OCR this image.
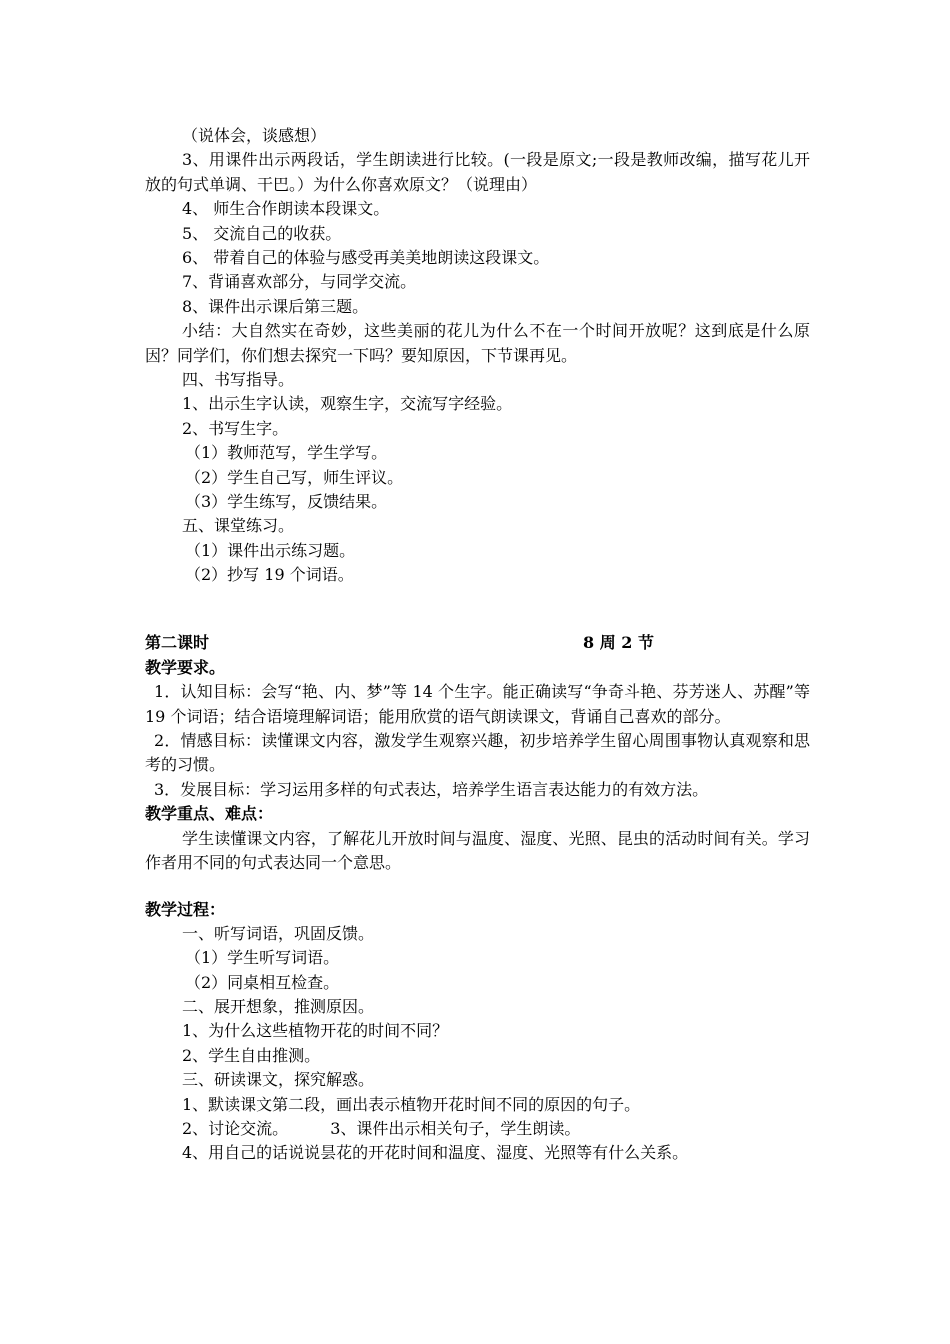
（说体会，谈感想）
3、用课件出示两段话，学生朗读进行比较。(一段是原文;一段是教师改编，描写花儿开放的句式单调、干巴。）为什么你喜欢原文？（说理由）
4、 师生合作朗读本段课文。
5、 交流自己的收获。
6、 带着自己的体验与感受再美美地朗读这段课文。
7、背诵喜欢部分，与同学交流。
8、课件出示课后第三题。
小结：大自然实在奇妙，这些美丽的花儿为什么不在一个时间开放呢？这到底是什么原因？同学们，你们想去探究一下吗？要知原因，下节课再见。
四、书写指导。
1、出示生字认读，观察生字，交流写字经验。
2、书写生字。
（1）教师范写，学生学写。
（2）学生自己写，师生评议。
（3）学生练写，反馈结果。
五、课堂练习。
（1）课件出示练习题。
（2）抄写 19 个词语。
第二课时	8 周 2 节
教学要求。
1．认知目标：会写“艳、内、梦”等 14 个生字。能正确读写“争奇斗艳、芬芳迷人、苏醒”等 19 个词语；结合语境理解词语；能用欣赏的语气朗读课文，背诵自己喜欢的部分。
2．情感目标：读懂课文内容，激发学生观察兴趣，初步培养学生留心周围事物认真观察和思考的习惯。
3．发展目标：学习运用多样的句式表达，培养学生语言表达能力的有效方法。
教学重点、难点：
学生读懂课文内容，了解花儿开放时间与温度、湿度、光照、昆虫的活动时间有关。学习作者用不同的句式表达同一个意思。
教学过程：
一、听写词语，巩固反馈。
（1）学生听写词语。
（2）同桌相互检查。
二、展开想象，推测原因。
1、为什么这些植物开花的时间不同？
2、学生自由推测。
三、研读课文，探究解惑。
1、默读课文第二段，画出表示植物开花时间不同的原因的句子。
2、讨论交流。	3、课件出示相关句子，学生朗读。
4、用自己的话说说昙花的开花时间和温度、湿度、光照等有什么关系。
